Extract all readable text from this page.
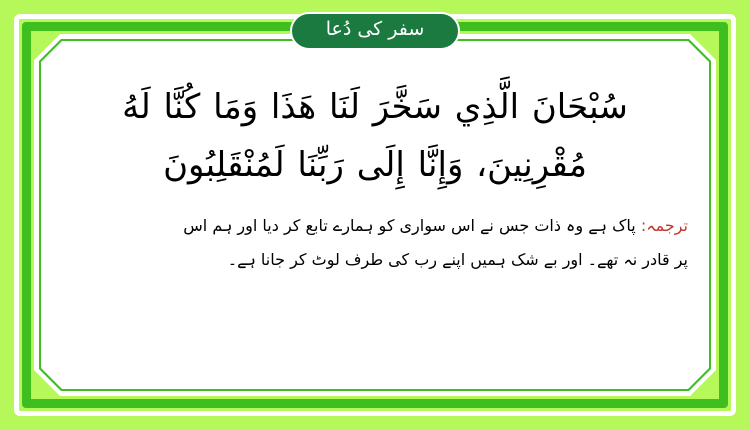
سفر کی دُعا
سُبْحَانَ الَّذِي سَخَّرَ لَنَا هَذَا وَمَا كُنَّا لَهُ
مُقْرِنِينَ، وَإِنَّا إِلَى رَبِّنَا لَمُنْقَلِبُونَ
ترجمہ: پاک ہے وہ ذات جس نے اس سواری کو ہمارے تابع کر دیا اور ہم اس
پر قادر نہ تھے۔ اور بے شک ہمیں اپنے رب کی طرف لوٹ کر جانا ہے۔
